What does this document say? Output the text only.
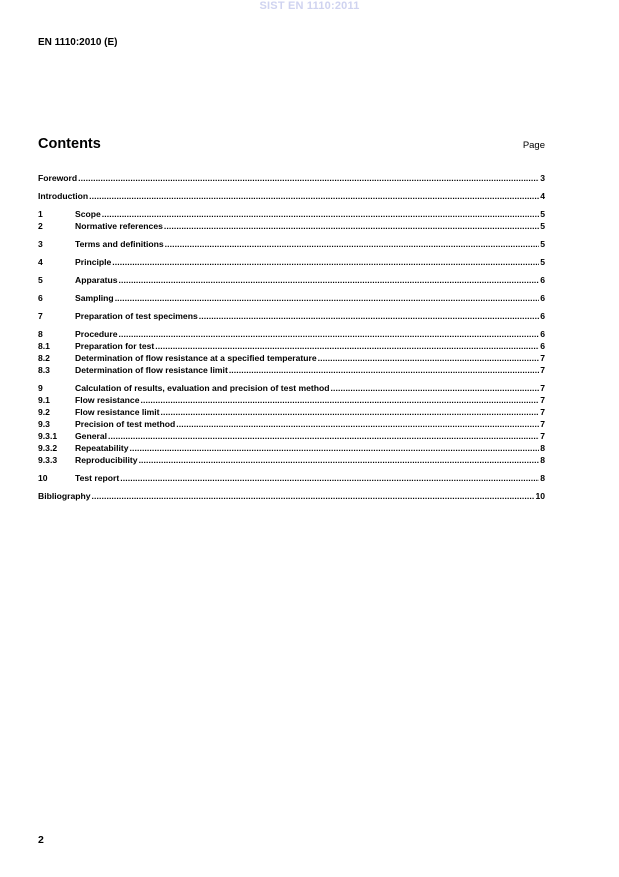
SIST EN 1110:2011
EN 1110:2010 (E)
Contents	Page
Foreword .....	3
Introduction .....	4
1	Scope .....	5
2	Normative references .....	5
3	Terms and definitions .....	5
4	Principle .....	5
5	Apparatus .....	6
6	Sampling .....	6
7	Preparation of test specimens .....	6
8	Procedure .....	6
8.1	Preparation for test .....	6
8.2	Determination of flow resistance at a specified temperature .....	7
8.3	Determination of flow resistance limit .....	7
9	Calculation of results, evaluation and precision of test method .....	7
9.1	Flow resistance .....	7
9.2	Flow resistance limit .....	7
9.3	Precision of test method .....	7
9.3.1	General .....	7
9.3.2	Repeatability .....	8
9.3.3	Reproducibility .....	8
10	Test report .....	8
Bibliography .....	10
2
